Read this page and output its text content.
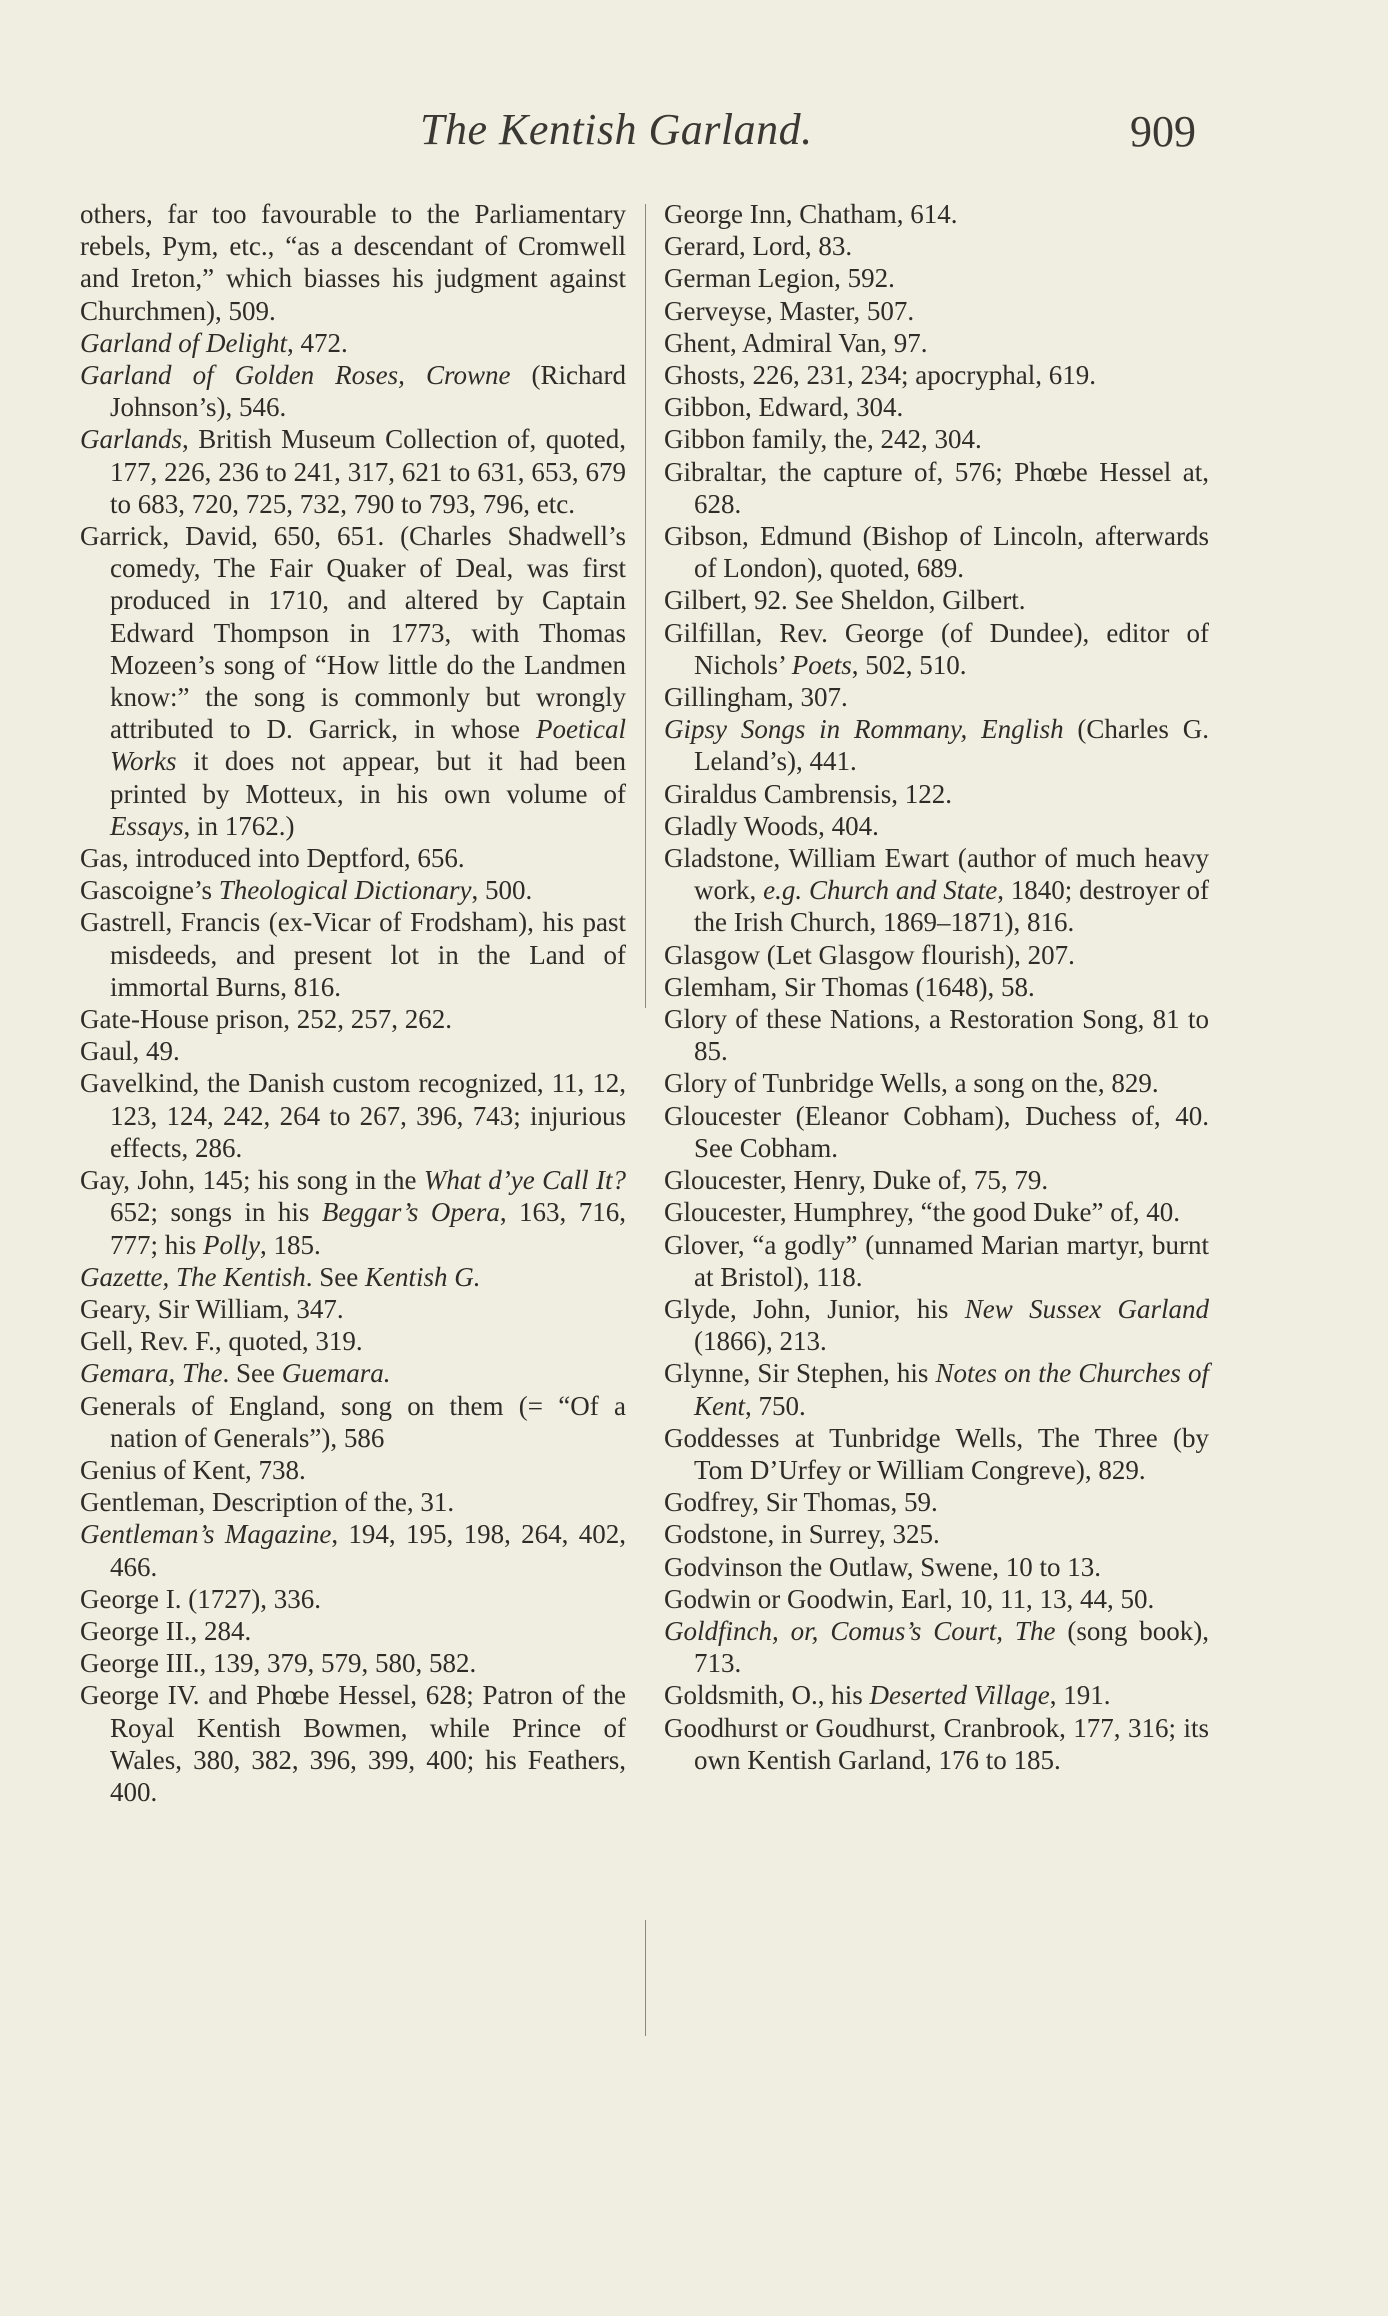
The Kentish Garland.	909
others, far too favourable to the Parliamentary rebels, Pym, etc., “as a descendant of Cromwell and Ireton,” which biasses his judgment against Churchmen), 509.
Garland of Delight, 472.
Garland of Golden Roses, Crowne (Richard Johnson’s), 546.
Garlands, British Museum Collection of, quoted, 177, 226, 236 to 241, 317, 621 to 631, 653, 679 to 683, 720, 725, 732, 790 to 793, 796, etc.
Garrick, David, 650, 651. (Charles Shadwell’s comedy, The Fair Quaker of Deal, was first produced in 1710, and altered by Captain Edward Thompson in 1773, with Thomas Mozeen’s song of “How little do the Landmen know:” the song is commonly but wrongly attributed to D. Garrick, in whose Poetical Works it does not appear, but it had been printed by Motteux, in his own volume of Essays, in 1762.)
Gas, introduced into Deptford, 656.
Gascoigne’s Theological Dictionary, 500.
Gastrell, Francis (ex-Vicar of Frodsham), his past misdeeds, and present lot in the Land of immortal Burns, 816.
Gate-House prison, 252, 257, 262.
Gaul, 49.
Gavelkind, the Danish custom recognized, 11, 12, 123, 124, 242, 264 to 267, 396, 743; injurious effects, 286.
Gay, John, 145; his song in the What d’ye Call It? 652; songs in his Beggar’s Opera, 163, 716, 777; his Polly, 185.
Gazette, The Kentish. See Kentish G.
Geary, Sir William, 347.
Gell, Rev. F., quoted, 319.
Gemara, The. See Guemara.
Generals of England, song on them (= “Of a nation of Generals”), 586
Genius of Kent, 738.
Gentleman, Description of the, 31.
Gentleman’s Magazine, 194, 195, 198, 264, 402, 466.
George I. (1727), 336.
George II., 284.
George III., 139, 379, 579, 580, 582.
George IV. and Phœbe Hessel, 628; Patron of the Royal Kentish Bowmen, while Prince of Wales, 380, 382, 396, 399, 400; his Feathers, 400.
George Inn, Chatham, 614.
Gerard, Lord, 83.
German Legion, 592.
Gerveyse, Master, 507.
Ghent, Admiral Van, 97.
Ghosts, 226, 231, 234; apocryphal, 619.
Gibbon, Edward, 304.
Gibbon family, the, 242, 304.
Gibraltar, the capture of, 576; Phœbe Hessel at, 628.
Gibson, Edmund (Bishop of Lincoln, afterwards of London), quoted, 689.
Gilbert, 92. See Sheldon, Gilbert.
Gilfillan, Rev. George (of Dundee), editor of Nichols’ Poets, 502, 510.
Gillingham, 307.
Gipsy Songs in Rommany, English (Charles G. Leland’s), 441.
Giraldus Cambrensis, 122.
Gladly Woods, 404.
Gladstone, William Ewart (author of much heavy work, e.g. Church and State, 1840; destroyer of the Irish Church, 1869–1871), 816.
Glasgow (Let Glasgow flourish), 207.
Glemham, Sir Thomas (1648), 58.
Glory of these Nations, a Restoration Song, 81 to 85.
Glory of Tunbridge Wells, a song on the, 829.
Gloucester (Eleanor Cobham), Duchess of, 40. See Cobham.
Gloucester, Henry, Duke of, 75, 79.
Gloucester, Humphrey, “the good Duke” of, 40.
Glover, “a godly” (unnamed Marian martyr, burnt at Bristol), 118.
Glyde, John, Junior, his New Sussex Garland (1866), 213.
Glynne, Sir Stephen, his Notes on the Churches of Kent, 750.
Goddesses at Tunbridge Wells, The Three (by Tom D’Urfey or William Congreve), 829.
Godfrey, Sir Thomas, 59.
Godstone, in Surrey, 325.
Godvinson the Outlaw, Swene, 10 to 13.
Godwin or Goodwin, Earl, 10, 11, 13, 44, 50.
Goldfinch, or, Comus’s Court, The (song book), 713.
Goldsmith, O., his Deserted Village, 191.
Goodhurst or Goudhurst, Cranbrook, 177, 316; its own Kentish Garland, 176 to 185.
